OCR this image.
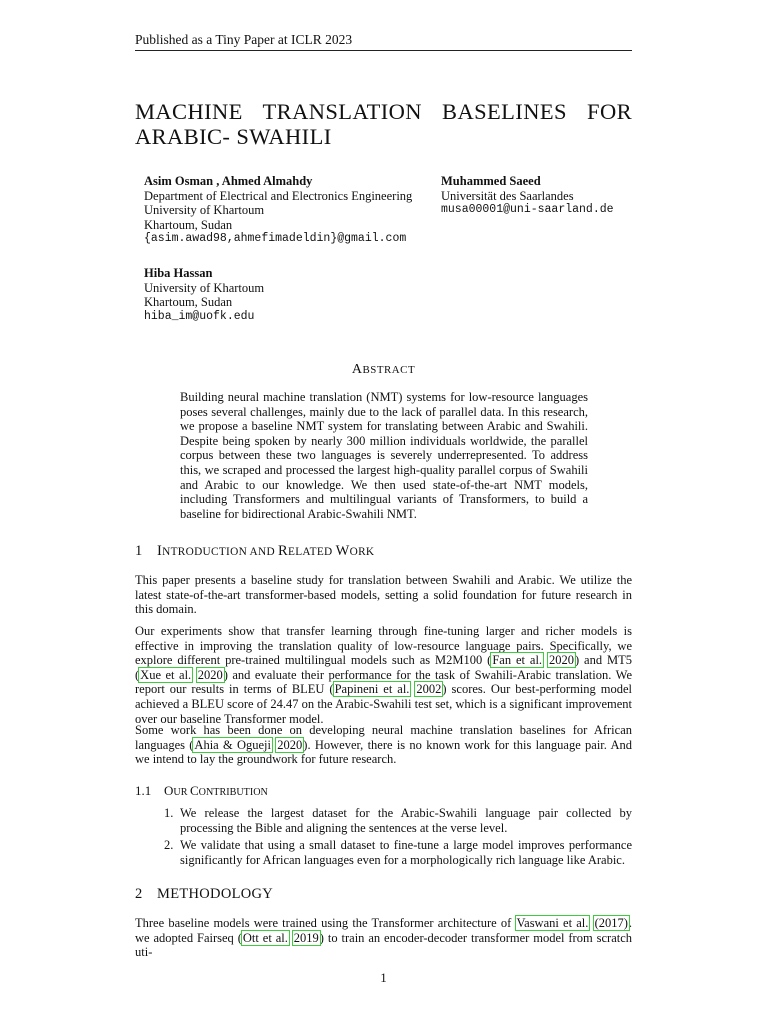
Published as a Tiny Paper at ICLR 2023
MACHINE TRANSLATION BASELINES FOR ARABIC- SWAHILI
Asim Osman , Ahmed Almahdy
Department of Electrical and Electronics Engineering
University of Khartoum
Khartoum, Sudan
{asim.awad98,ahmefimadeldin}@gmail.com
Muhammed Saeed
Universität des Saarlandes
musa00001@uni-saarland.de
Hiba Hassan
University of Khartoum
Khartoum, Sudan
hiba_im@uofk.edu
ABSTRACT
Building neural machine translation (NMT) systems for low-resource languages poses several challenges, mainly due to the lack of parallel data. In this research, we propose a baseline NMT system for translating between Arabic and Swahili. Despite being spoken by nearly 300 million individuals worldwide, the parallel corpus between these two languages is severely underrepresented. To address this, we scraped and processed the largest high-quality parallel corpus of Swahili and Arabic to our knowledge. We then used state-of-the-art NMT models, including Transformers and multilingual variants of Transformers, to build a baseline for bidirectional Arabic-Swahili NMT.
1 INTRODUCTION AND RELATED WORK
This paper presents a baseline study for translation between Swahili and Arabic. We utilize the latest state-of-the-art transformer-based models, setting a solid foundation for future research in this domain.
Our experiments show that transfer learning through fine-tuning larger and richer models is effective in improving the translation quality of low-resource language pairs. Specifically, we explore different pre-trained multilingual models such as M2M100 (Fan et al. 2020) and MT5 (Xue et al. 2020) and evaluate their performance for the task of Swahili-Arabic translation. We report our results in terms of BLEU (Papineni et al. 2002) scores. Our best-performing model achieved a BLEU score of 24.47 on the Arabic-Swahili test set, which is a significant improvement over our baseline Transformer model.
Some work has been done on developing neural machine translation baselines for African languages (Ahia & Ogueji 2020). However, there is no known work for this language pair. And we intend to lay the groundwork for future research.
1.1 OUR CONTRIBUTION
1. We release the largest dataset for the Arabic-Swahili language pair collected by processing the Bible and aligning the sentences at the verse level.
2. We validate that using a small dataset to fine-tune a large model improves performance significantly for African languages even for a morphologically rich language like Arabic.
2 METHODOLOGY
Three baseline models were trained using the Transformer architecture of Vaswani et al. (2017). we adopted Fairseq (Ott et al. 2019) to train an encoder-decoder transformer model from scratch uti-
1
